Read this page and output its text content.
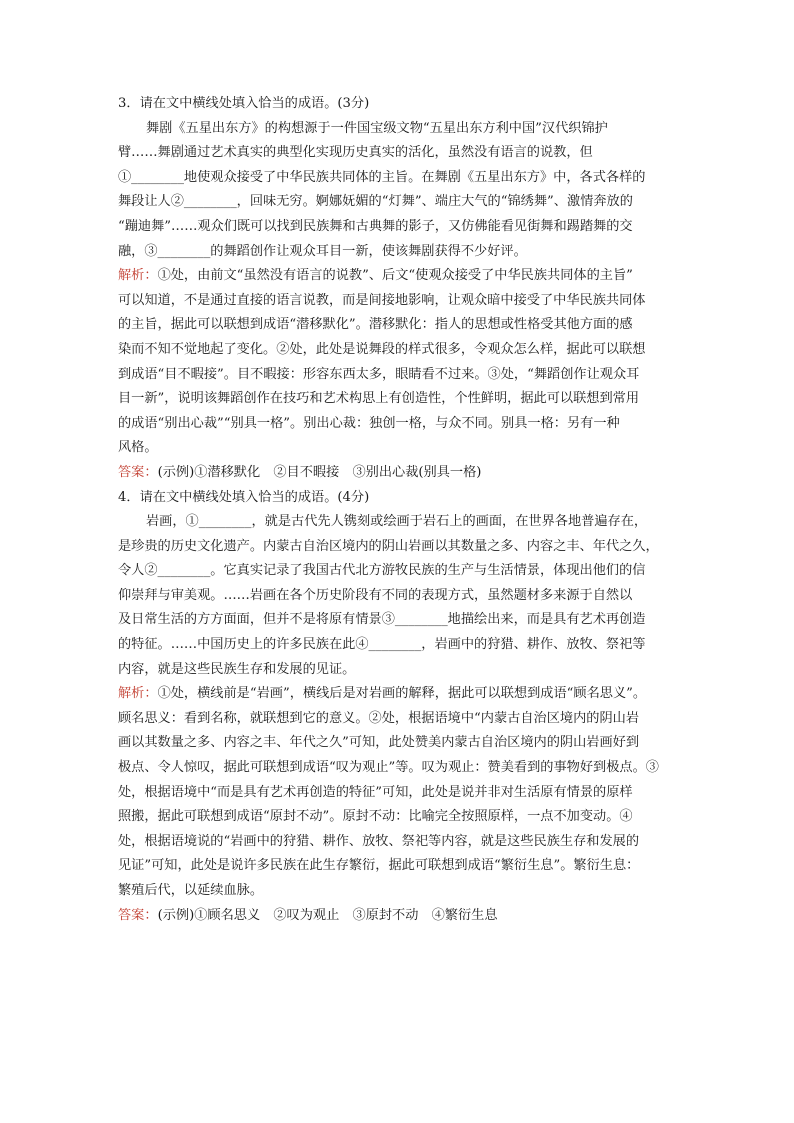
3．请在文中横线处填入恰当的成语。(3分)
舞剧《五星出东方》的构想源于一件国宝级文物“五星出东方利中国”汉代织锦护
臂……舞剧通过艺术真实的典型化实现历史真实的活化，虽然没有语言的说教，但
①________地使观众接受了中华民族共同体的主旨。在舞剧《五星出东方》中，各式各样的
舞段让人②________，回味无穷。婀娜妩媚的“灯舞”、端庄大气的“锦绣舞”、激情奔放的
“蹦迪舞”……观众们既可以找到民族舞和古典舞的影子，又仿佛能看见街舞和踢踏舞的交
融，③________的舞蹈创作让观众耳目一新，使该舞剧获得不少好评。
解析：①处，由前文“虽然没有语言的说教”、后文“使观众接受了中华民族共同体的主旨”
可以知道，不是通过直接的语言说教，而是间接地影响，让观众暗中接受了中华民族共同体
的主旨，据此可以联想到成语“潜移默化”。潜移默化：指人的思想或性格受其他方面的感
染而不知不觉地起了变化。②处，此处是说舞段的样式很多，令观众怎么样，据此可以联想
到成语“目不暇接”。目不暇接：形容东西太多，眼睛看不过来。③处，“舞蹈创作让观众耳
目一新”，说明该舞蹈创作在技巧和艺术构思上有创造性，个性鲜明，据此可以联想到常用
的成语“别出心裁”“别具一格”。别出心裁：独创一格，与众不同。别具一格：另有一种
风格。
答案：(示例)①潜移默化　②目不暇接　③别出心裁(别具一格)
4．请在文中横线处填入恰当的成语。(4分)
岩画，①________，就是古代先人镌刻或绘画于岩石上的画面，在世界各地普遍存在，
是珍贵的历史文化遗产。内蒙古自治区境内的阴山岩画以其数量之多、内容之丰、年代之久，
令人②________。它真实记录了我国古代北方游牧民族的生产与生活情景，体现出他们的信
仰崇拜与审美观。……岩画在各个历史阶段有不同的表现方式，虽然题材多来源于自然以
及日常生活的方方面面，但并不是将原有情景③________地描绘出来，而是具有艺术再创造
的特征。……中国历史上的许多民族在此④________，岩画中的狩猎、耕作、放牧、祭祀等
内容，就是这些民族生存和发展的见证。
解析：①处，横线前是“岩画”，横线后是对岩画的解释，据此可以联想到成语“顾名思义”。
顾名思义：看到名称，就联想到它的意义。②处，根据语境中“内蒙古自治区境内的阴山岩
画以其数量之多、内容之丰、年代之久”可知，此处赞美内蒙古自治区境内的阴山岩画好到
极点、令人惊叹，据此可联想到成语“叹为观止”等。叹为观止：赞美看到的事物好到极点。③
处，根据语境中“而是具有艺术再创造的特征”可知，此处是说并非对生活原有情景的原样
照搬，据此可联想到成语“原封不动”。原封不动：比喻完全按照原样，一点不加变动。④
处，根据语境说的“岩画中的狩猎、耕作、放牧、祭祀等内容，就是这些民族生存和发展的
见证”可知，此处是说许多民族在此生存繁衍，据此可联想到成语“繁衍生息”。繁衍生息：
繁殖后代，以延续血脉。
答案：(示例)①顾名思义　②叹为观止　③原封不动　④繁衍生息
